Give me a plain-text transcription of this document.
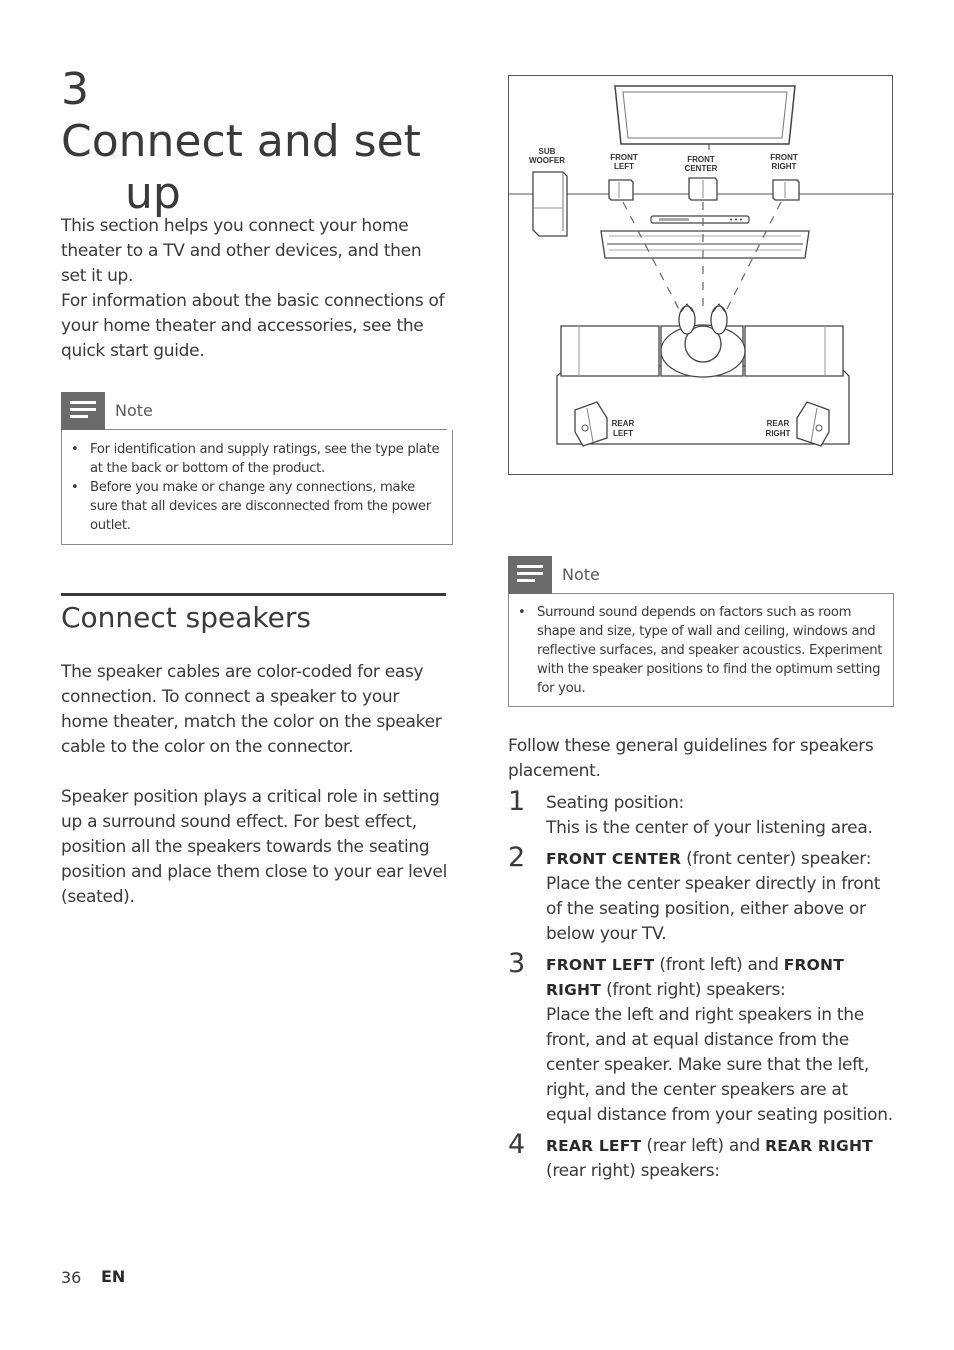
3Connect and set
up

This section helps you connect your home theater to a TV and other devices, and then set it up.

For information about the basic connections of your home theater and accessories, see the quick start guide.

Note
• For identification and supply ratings, see the type plate at the back or bottom of the product.
• Before you make or change any connections, make sure that all devices are disconnected from the power outlet.
Connect speakers

The speaker cables are color-coded for easy connection. To connect a speaker to your home theater, match the color on the speaker cable to the color on the connector.

Speaker position plays a critical role in setting up a surround sound effect. For best effect, position all the speakers towards the seating position and place them close to your ear level (seated).

SUB
WOOFER	FRONT
LEFT
FRONT
CENTER
FRONT
RIGHT
REAR
LEFT
REAR
RIGHT
Note
• Surround sound depends on factors such as room shape and size, type of wall and ceiling, windows and reflective surfaces, and speaker acoustics. Experiment with the speaker positions to find the optimum setting for you.
Follow these general guidelines for speakers placement.
1 Seating position:
This is the center of your listening area.
2 FRONT CENTER (front center) speaker:
Place the center speaker directly in front of the seating position, either above or below your TV.
3 FRONT LEFT (front left) and FRONT RIGHT (front right) speakers:
Place the left and right speakers in the front, and at equal distance from the center speaker. Make sure that the left, right, and the center speakers are at equal distance from your seating position.
4 REAR LEFT (rear left) and REAR RIGHT (rear right) speakers:
36 EN
